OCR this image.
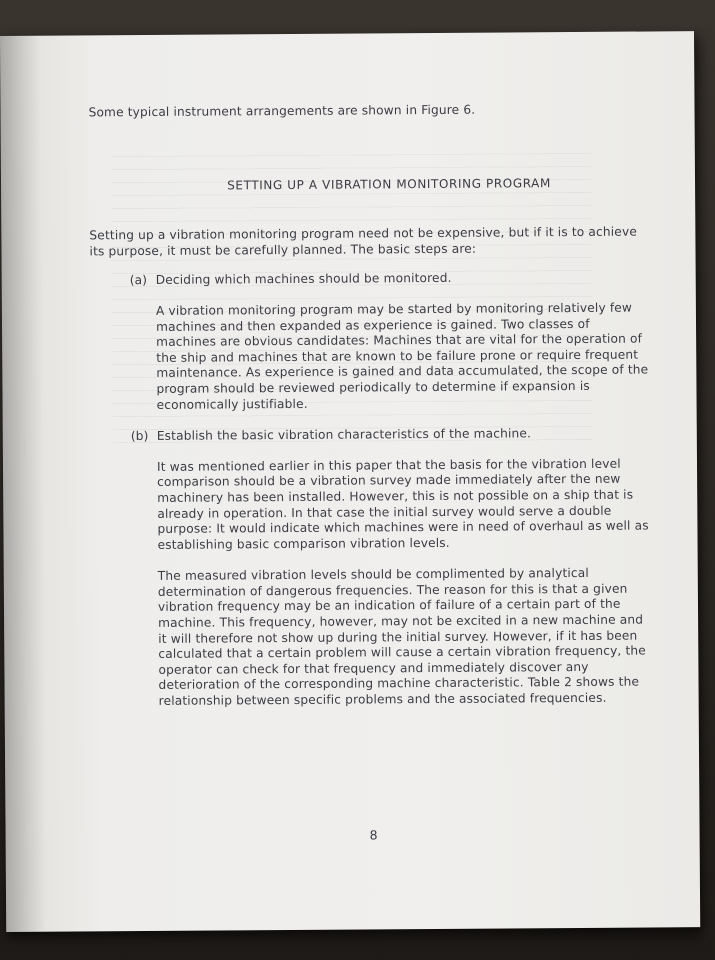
Some typical instrument arrangements are shown in Figure 6.

SETTING UP A VIBRATION MONITORING PROGRAM

Setting up a vibration monitoring program need not be expensive, but if it is to achieve its purpose, it must be carefully planned. The basic steps are:

(a) Deciding which machines should be monitored.

A vibration monitoring program may be started by monitoring relatively few machines and then expanded as experience is gained. Two classes of machines are obvious candidates: Machines that are vital for the operation of the ship and machines that are known to be failure prone or require frequent maintenance. As experience is gained and data accumulated, the scope of the program should be reviewed periodically to determine if expansion is economically justifiable.

(b) Establish the basic vibration characteristics of the machine.

It was mentioned earlier in this paper that the basis for the vibration level comparison should be a vibration survey made immediately after the new machinery has been installed. However, this is not possible on a ship that is already in operation. In that case the initial survey would serve a double purpose: It would indicate which machines were in need of overhaul as well as establishing basic comparison vibration levels.

The measured vibration levels should be complimented by analytical determination of dangerous frequencies. The reason for this is that a given vibration frequency may be an indication of failure of a certain part of the machine. This frequency, however, may not be excited in a new machine and it will therefore not show up during the initial survey. However, if it has been calculated that a certain problem will cause a certain vibration frequency, the operator can check for that frequency and immediately discover any deterioration of the corresponding machine characteristic. Table 2 shows the relationship between specific problems and the associated frequencies.

8
